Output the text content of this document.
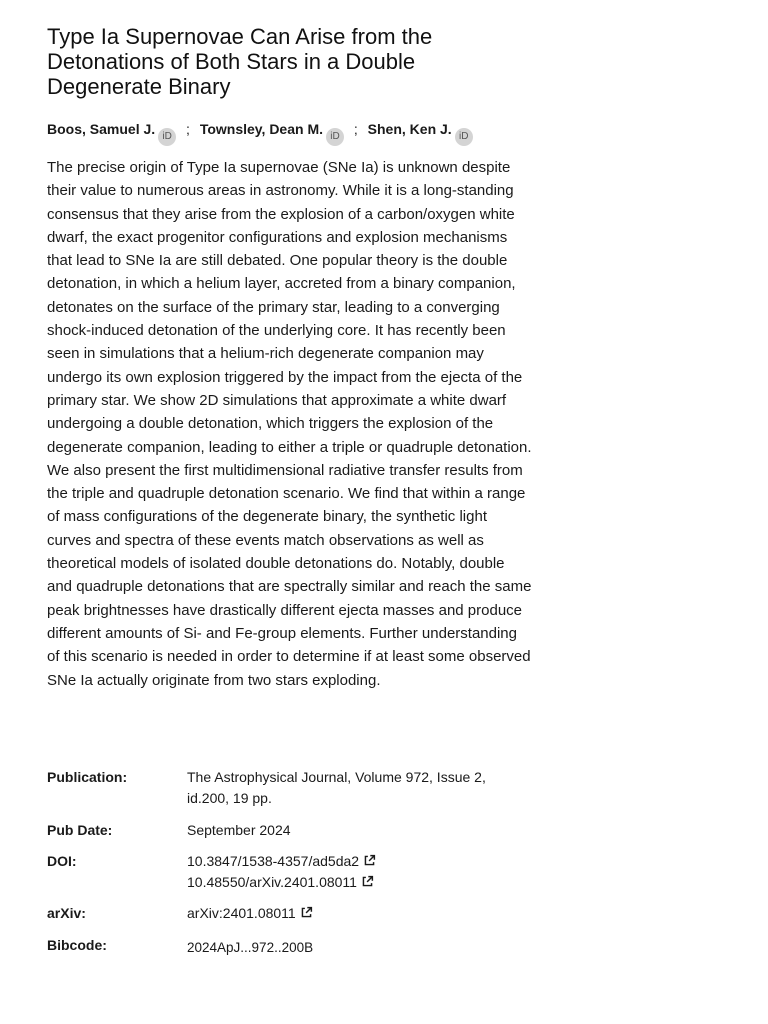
Type Ia Supernovae Can Arise from the Detonations of Both Stars in a Double Degenerate Binary
Boos, Samuel J. iD ; Townsley, Dean M. iD ; Shen, Ken J. iD

The precise origin of Type Ia supernovae (SNe Ia) is unknown despite their value to numerous areas in astronomy. While it is a long-standing consensus that they arise from the explosion of a carbon/oxygen white dwarf, the exact progenitor configurations and explosion mechanisms that lead to SNe Ia are still debated. One popular theory is the double detonation, in which a helium layer, accreted from a binary companion, detonates on the surface of the primary star, leading to a converging shock-induced detonation of the underlying core. It has recently been seen in simulations that a helium-rich degenerate companion may undergo its own explosion triggered by the impact from the ejecta of the primary star. We show 2D simulations that approximate a white dwarf undergoing a double detonation, which triggers the explosion of the degenerate companion, leading to either a triple or quadruple detonation. We also present the first multidimensional radiative transfer results from the triple and quadruple detonation scenario. We find that within a range of mass configurations of the degenerate binary, the synthetic light curves and spectra of these events match observations as well as theoretical models of isolated double detonations do. Notably, double and quadruple detonations that are spectrally similar and reach the same peak brightnesses have drastically different ejecta masses and produce different amounts of Si- and Fe-group elements. Further understanding of this scenario is needed in order to determine if at least some observed SNe Ia actually originate from two stars exploding.

Publication:	The Astrophysical Journal, Volume 972, Issue 2, id.200, 19 pp.
Pub Date:	September 2024
DOI:	10.3847/1538-4357/ad5da2
10.48550/arXiv.2401.08011
arXiv:	arXiv:2401.08011
Bibcode:	2024ApJ...972..200B
